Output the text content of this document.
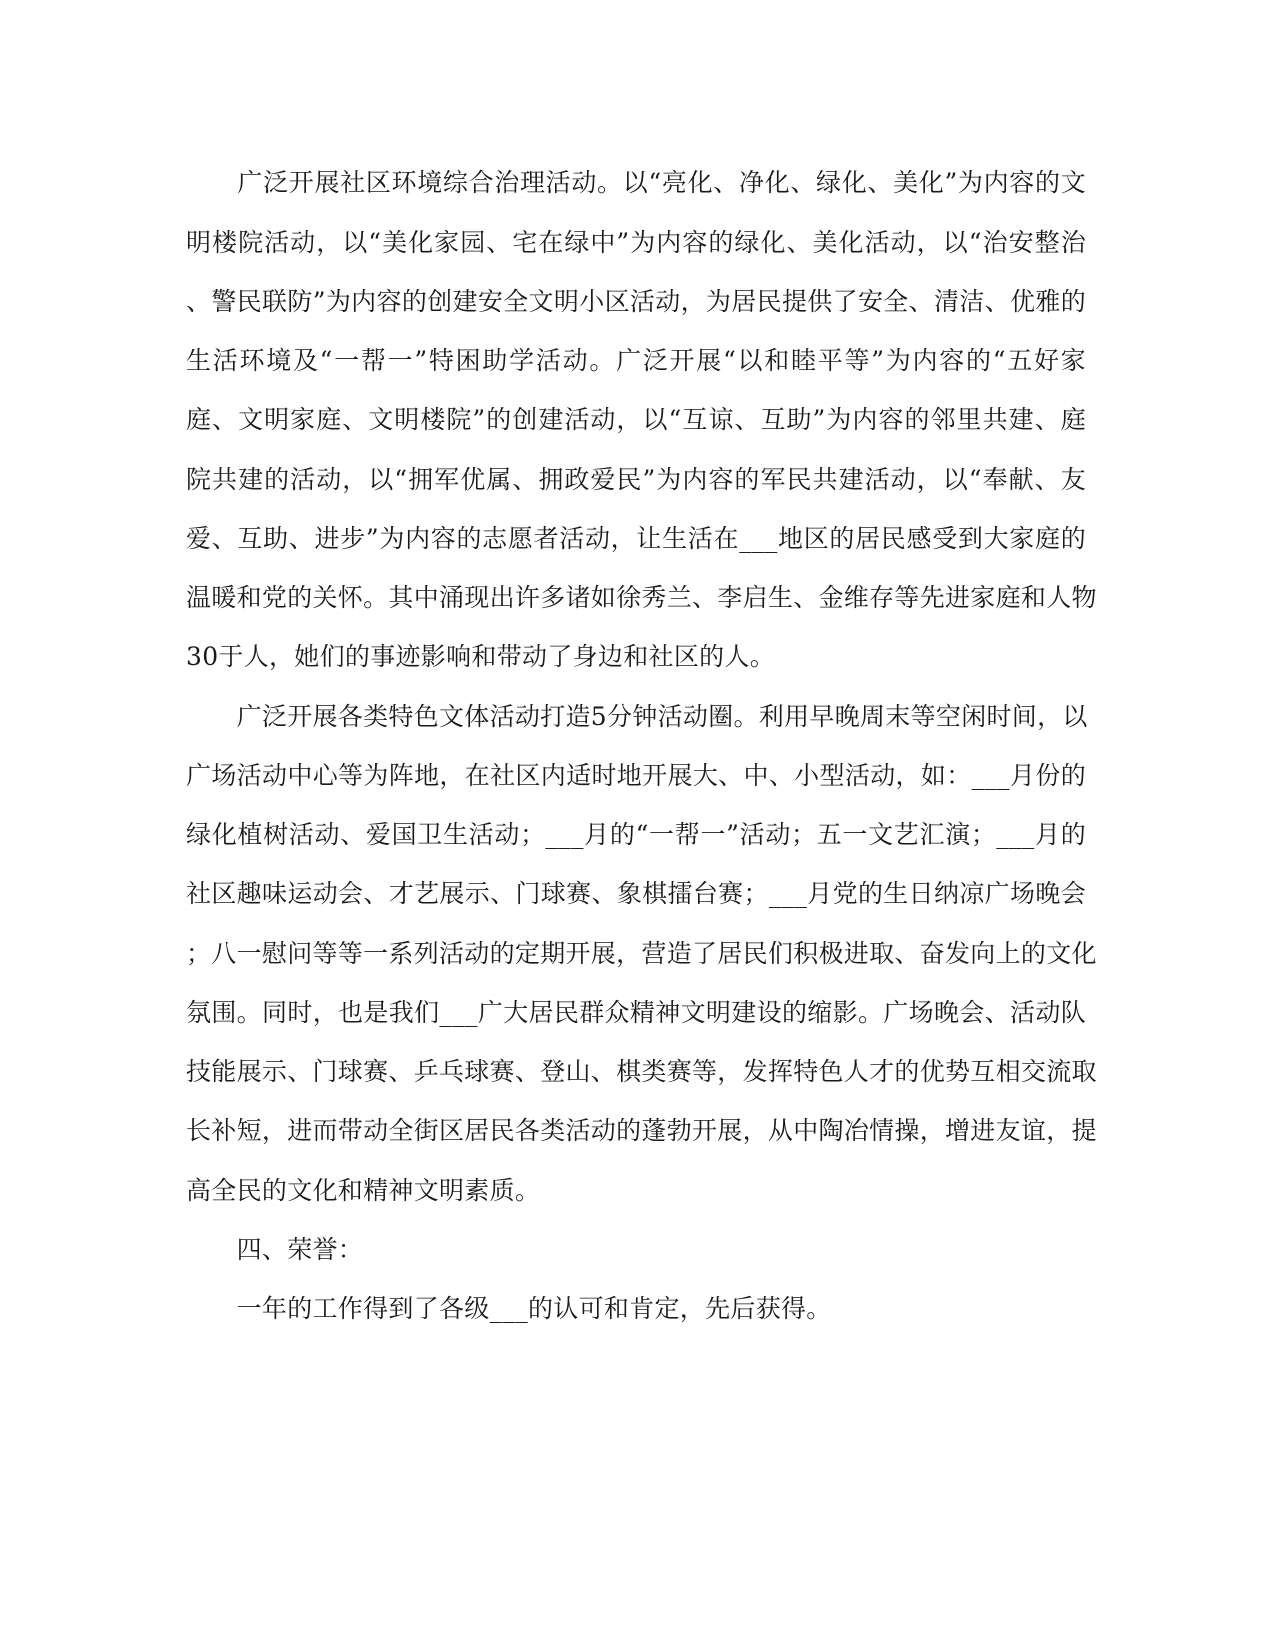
　　广泛开展社区环境综合治理活动。以“亮化、净化、绿化、美化”为内容的文
明楼院活动，以“美化家园、宅在绿中”为内容的绿化、美化活动，以“治安整治
、警民联防”为内容的创建安全文明小区活动，为居民提供了安全、清洁、优雅的
生活环境及“一帮一”特困助学活动。广泛开展“以和睦平等”为内容的“五好家
庭、文明家庭、文明楼院”的创建活动，以“互谅、互助”为内容的邻里共建、庭
院共建的活动，以“拥军优属、拥政爱民”为内容的军民共建活动，以“奉献、友
爱、互助、进步”为内容的志愿者活动，让生活在___地区的居民感受到大家庭的
温暖和党的关怀。其中涌现出许多诸如徐秀兰、李启生、金维存等先进家庭和人物
30于人，她们的事迹影响和带动了身边和社区的人。
　　广泛开展各类特色文体活动打造5分钟活动圈。利用早晚周末等空闲时间，以
广场活动中心等为阵地，在社区内适时地开展大、中、小型活动，如：___月份的
绿化植树活动、爱国卫生活动；___月的“一帮一”活动；五一文艺汇演；___月的
社区趣味运动会、才艺展示、门球赛、象棋擂台赛；___月党的生日纳凉广场晚会
；八一慰问等等一系列活动的定期开展，营造了居民们积极进取、奋发向上的文化
氛围。同时，也是我们___广大居民群众精神文明建设的缩影。广场晚会、活动队
技能展示、门球赛、乒乓球赛、登山、棋类赛等，发挥特色人才的优势互相交流取
长补短，进而带动全街区居民各类活动的蓬勃开展，从中陶冶情操，增进友谊，提
高全民的文化和精神文明素质。
　　四、荣誉：
　　一年的工作得到了各级___的认可和肯定，先后获得。
